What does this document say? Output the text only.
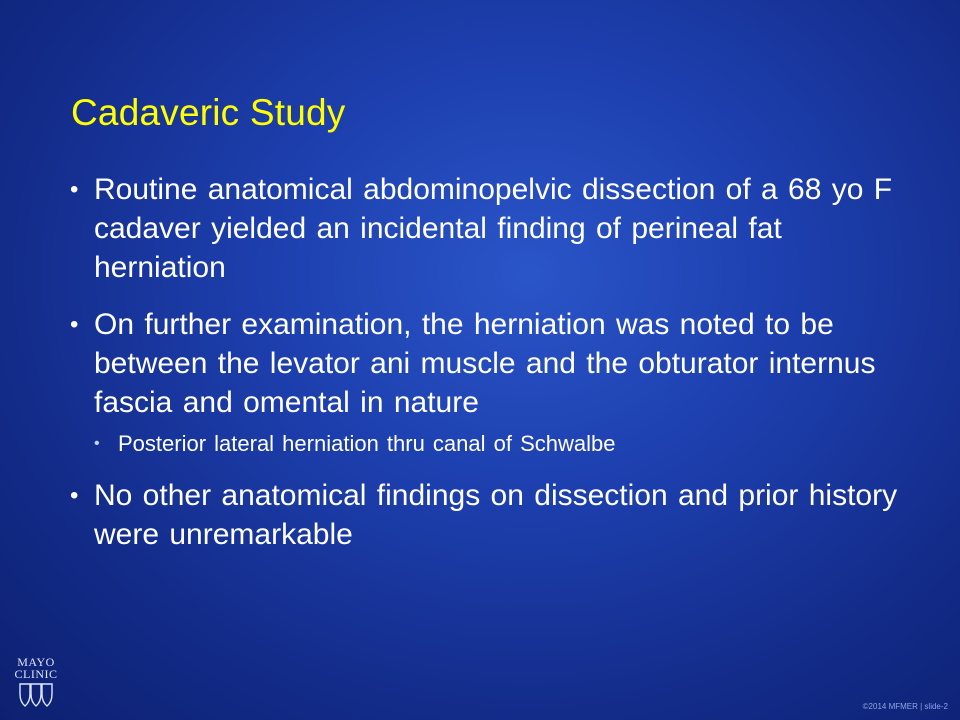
Cadaveric Study
• Routine anatomical abdominopelvic dissection of a 68 yo F cadaver yielded an incidental finding of perineal fat herniation
• On further examination, the herniation was noted to be between the levator ani muscle and the obturator internus fascia and omental in nature
• Posterior lateral herniation thru canal of Schwalbe
• No other anatomical findings on dissection and prior history were unremarkable
MAYO
CLINIC
©2014 MFMER | slide-2
